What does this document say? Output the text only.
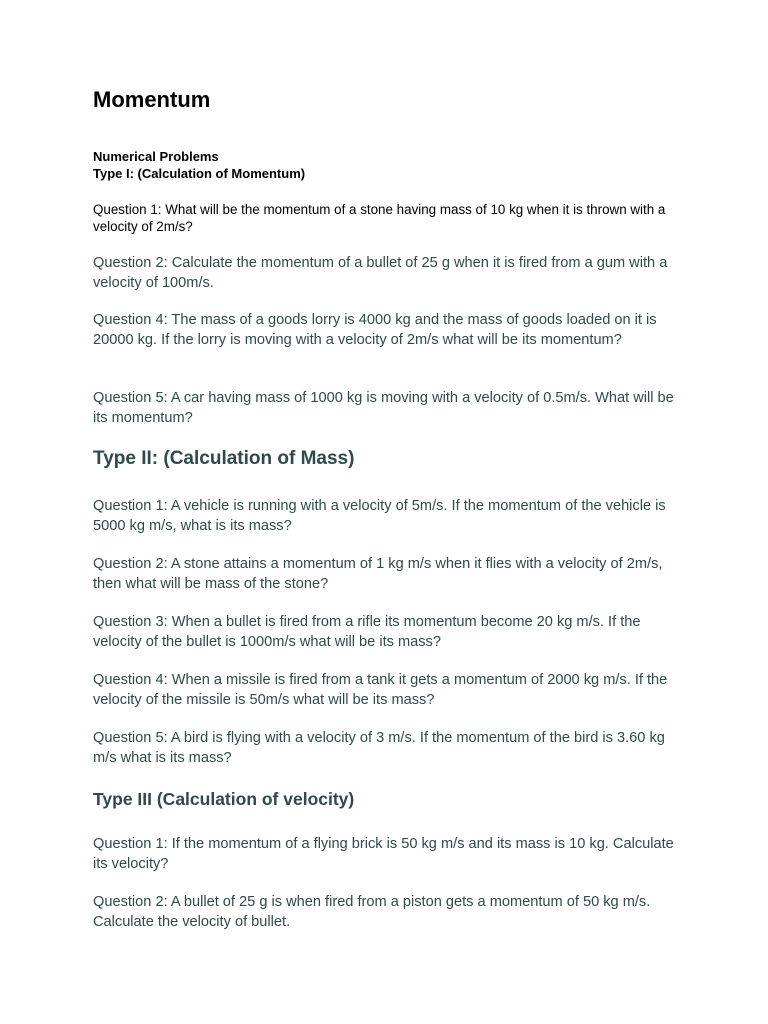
Momentum
Numerical Problems
Type I: (Calculation of Momentum)

Question 1: What will be the momentum of a stone having mass of 10 kg when it is thrown with a velocity of 2m/s?

Question 2: Calculate the momentum of a bullet of 25 g when it is fired from a gum with a velocity of 100m/s.

Question 4: The mass of a goods lorry is 4000 kg and the mass of goods loaded on it is 20000 kg. If the lorry is moving with a velocity of 2m/s what will be its momentum?

Question 5: A car having mass of 1000 kg is moving with a velocity of 0.5m/s. What will be its momentum?

Type II: (Calculation of Mass)

Question 1: A vehicle is running with a velocity of 5m/s. If the momentum of the vehicle is 5000 kg m/s, what is its mass?

Question 2: A stone attains a momentum of 1 kg m/s when it flies with a velocity of 2m/s, then what will be mass of the stone?

Question 3: When a bullet is fired from a rifle its momentum become 20 kg m/s. If the velocity of the bullet is 1000m/s what will be its mass?

Question 4: When a missile is fired from a tank it gets a momentum of 2000 kg m/s. If the velocity of the missile is 50m/s what will be its mass?

Question 5: A bird is flying with a velocity of 3 m/s. If the momentum of the bird is 3.60 kg m/s what is its mass?

Type III (Calculation of velocity)

Question 1: If the momentum of a flying brick is 50 kg m/s and its mass is 10 kg. Calculate its velocity?

Question 2: A bullet of 25 g is when fired from a piston gets a momentum of 50 kg m/s. Calculate the velocity of bullet.
